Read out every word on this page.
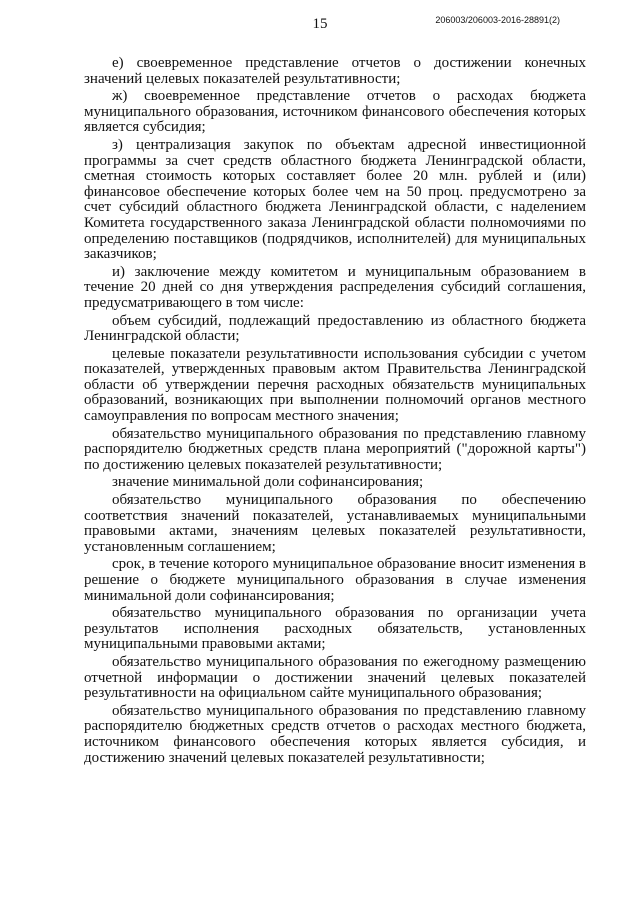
15	206003/206003-2016-28891(2)

е) своевременное представление отчетов о достижении конечных значений целевых показателей результативности;

ж) своевременное представление отчетов о расходах бюджета муниципального образования, источником финансового обеспечения которых является субсидия;

з) централизация закупок по объектам адресной инвестиционной программы за счет средств областного бюджета Ленинградской области, сметная стоимость которых составляет более 20 млн. рублей и (или) финансовое обеспечение которых более чем на 50 проц. предусмотрено за счет субсидий областного бюджета Ленинградской области, с наделением Комитета государственного заказа Ленинградской области полномочиями по определению поставщиков (подрядчиков, исполнителей) для муниципальных заказчиков;

и) заключение между комитетом и муниципальным образованием в течение 20 дней со дня утверждения распределения субсидий соглашения, предусматривающего в том числе:

объем субсидий, подлежащий предоставлению из областного бюджета Ленинградской области;

целевые показатели результативности использования субсидии с учетом показателей, утвержденных правовым актом Правительства Ленинградской области об утверждении перечня расходных обязательств муниципальных образований, возникающих при выполнении полномочий органов местного самоуправления по вопросам местного значения;

обязательство муниципального образования по представлению главному распорядителю бюджетных средств плана мероприятий ("дорожной карты") по достижению целевых показателей результативности;

значение минимальной доли софинансирования;

обязательство муниципального образования по обеспечению соответствия значений показателей, устанавливаемых муниципальными правовыми актами, значениям целевых показателей результативности, установленным соглашением;

срок, в течение которого муниципальное образование вносит изменения в решение о бюджете муниципального образования в случае изменения минимальной доли софинансирования;

обязательство муниципального образования по организации учета результатов исполнения расходных обязательств, установленных муниципальными правовыми актами;

обязательство муниципального образования по ежегодному размещению отчетной информации о достижении значений целевых показателей результативности на официальном сайте муниципального образования;

обязательство муниципального образования по представлению главному распорядителю бюджетных средств отчетов о расходах местного бюджета, источником финансового обеспечения которых является субсидия, и достижению значений целевых показателей результативности;
